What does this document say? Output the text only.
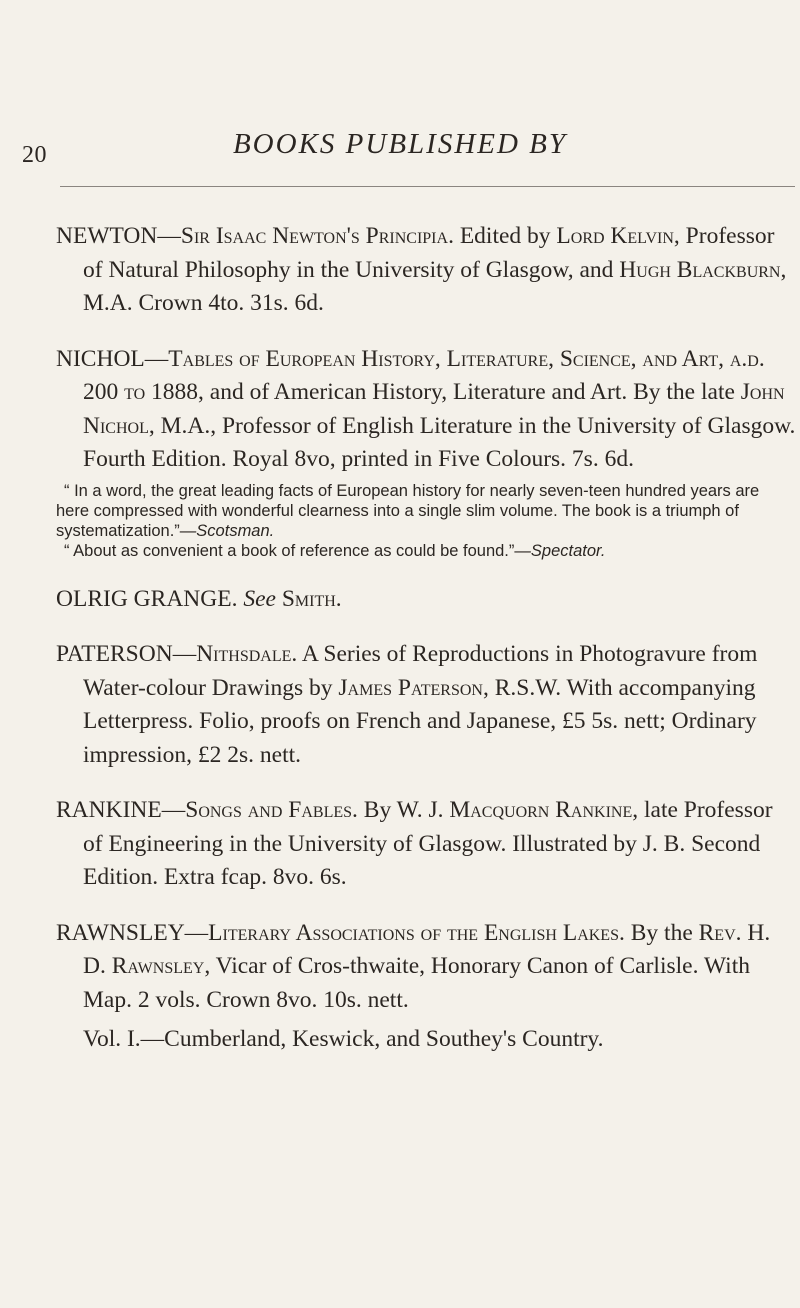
20	BOOKS PUBLISHED BY

NEWTON—Sir Isaac Newton's Principia. Edited by Lord Kelvin, Professor of Natural Philosophy in the University of Glasgow, and Hugh Blackburn, M.A. Crown 4to. 31s. 6d.

NICHOL—Tables of European History, Literature, Science, and Art, a.d. 200 to 1888, and of American History, Literature and Art. By the late John Nichol, M.A., Professor of English Literature in the University of Glasgow. Fourth Edition. Royal 8vo, printed in Five Colours. 7s. 6d.

“ In a word, the great leading facts of European history for nearly seven-teen hundred years are here compressed with wonderful clearness into a single slim volume. The book is a triumph of systematization.”—Scotsman.

“ About as convenient a book of reference as could be found.”—Spectator.

OLRIG GRANGE. See Smith.

PATERSON—Nithsdale. A Series of Reproductions in Photogravure from Water-colour Drawings by James Paterson, R.S.W. With accompanying Letterpress. Folio, proofs on French and Japanese, £5 5s. nett; Ordinary impression, £2 2s. nett.

RANKINE—Songs and Fables. By W. J. Macquorn Rankine, late Professor of Engineering in the University of Glasgow. Illustrated by J. B. Second Edition. Extra fcap. 8vo. 6s.

RAWNSLEY—Literary Associations of the English Lakes. By the Rev. H. D. Rawnsley, Vicar of Cros-thwaite, Honorary Canon of Carlisle. With Map. 2 vols. Crown 8vo. 10s. nett.

Vol. I.—Cumberland, Keswick, and Southey's Country.
